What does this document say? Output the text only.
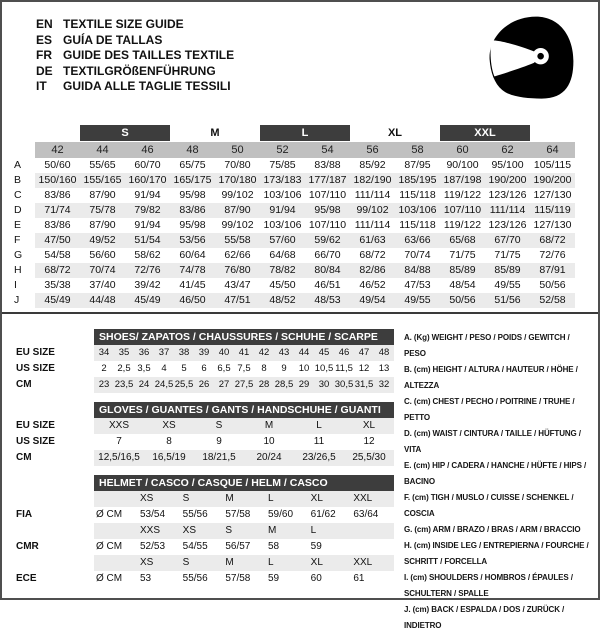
EN TEXTILE SIZE GUIDE
ES GUÍA DE TALLAS
FR GUIDE DES TAILLES TEXTILE
DE TEXTILGRÖßENFÜHRUNG
IT	GUIDA ALLE TAGLIE TESSILI
S	M	L	XL	XXL
42	44	46	48	50	52	54	56	58	60	62	64
A	50/60	55/65	60/70	65/75	70/80	75/85	83/88	85/92	87/95	90/100	95/100 105/115
B	150/160 155/165 160/170 165/175 170/180 173/183 177/187 182/190 185/195 187/198 190/200 190/200
C	83/86	87/90	91/94	95/98	99/102 103/106 107/110 111/114 115/118 119/122 123/126 127/130
D	71/74	75/78	79/82	83/86	87/90	91/94	95/98	99/102 103/106 107/110 111/114 115/119
E	83/86	87/90	91/94	95/98	99/102 103/106 107/110 111/114 115/118 119/122 123/126 127/130
F	47/50	49/52	51/54	53/56	55/58	57/60	59/62	61/63	63/66	65/68	67/70	68/72
G	54/58	56/60	58/62	60/64	62/66	64/68	66/70	68/72	70/74	71/75	71/75	72/76
H	68/72	70/74	72/76	74/78	76/80	78/82	80/84	82/86	84/88	85/89	85/89	87/91
I	35/38	37/40	39/42	41/45	43/47	45/50	46/51	46/52	47/53	48/54	49/55	50/56
J	45/49	44/48	45/49	46/50	47/51	48/52	48/53	49/54	49/55	50/56	51/56	52/58
SHOES/ ZAPATOS / CHAUSSURES / SCHUHE / SCARPE
EU SIZE	34 35 36 37 38 39 40 41 42 43 44 45 46 47 48
US SIZE	2	2,5 3,5	4	5	6	6,5 7,5	8	9	10 10,5 11,5 12 13
CM	23 23,5 24 24,5 25,5 26 27 27,5 28 28,5 29 30 30,5 31,5 32
GLOVES / GUANTES / GANTS / HANDSCHUHE / GUANTI
EU SIZE	XXS	XS	S	M	L	XL
US SIZE	7	8	9	10	11	12
CM	12,5/16,5	16,5/19	18/21,5	20/24	23/26,5	25,5/30
HELMET / CASCO / CASQUE / HELM / CASCO
XS	S	M	L	XL	XXL
FIA	Ø CM	53/54	55/56	57/58	59/60	61/62	63/64
XXS	XS	S	M	L
CMR	Ø CM	52/53	54/55	56/57	58	59
XS	S	M	L	XL	XXL
ECE	Ø CM	53	55/56	57/58	59	60	61
A. (Kg) WEIGHT / PESO / POIDS / GEWITCH / PESO
B. (cm) HEIGHT / ALTURA / HAUTEUR / HÖHE / ALTEZZA
C. (cm) CHEST / PECHO / POITRINE / TRUHE / PETTO
D. (cm) WAIST / CINTURA / TAILLE / HÜFTUNG / VITA
E. (cm) HIP / CADERA / HANCHE / HÜFTE / HIPS / BACINO
F. (cm) TIGH / MUSLO / CUISSE / SCHENKEL / COSCIA
G. (cm) ARM / BRAZO / BRAS / ARM / BRACCIO
H. (cm) INSIDE LEG / ENTREPIERNA / FOURCHE / SCHRITT / FORCELLA
I. (cm) SHOULDERS / HOMBROS / ÉPAULES / SCHULTERN / SPALLE
J. (cm) BACK / ESPALDA / DOS / ZURÜCK / INDIETRO
